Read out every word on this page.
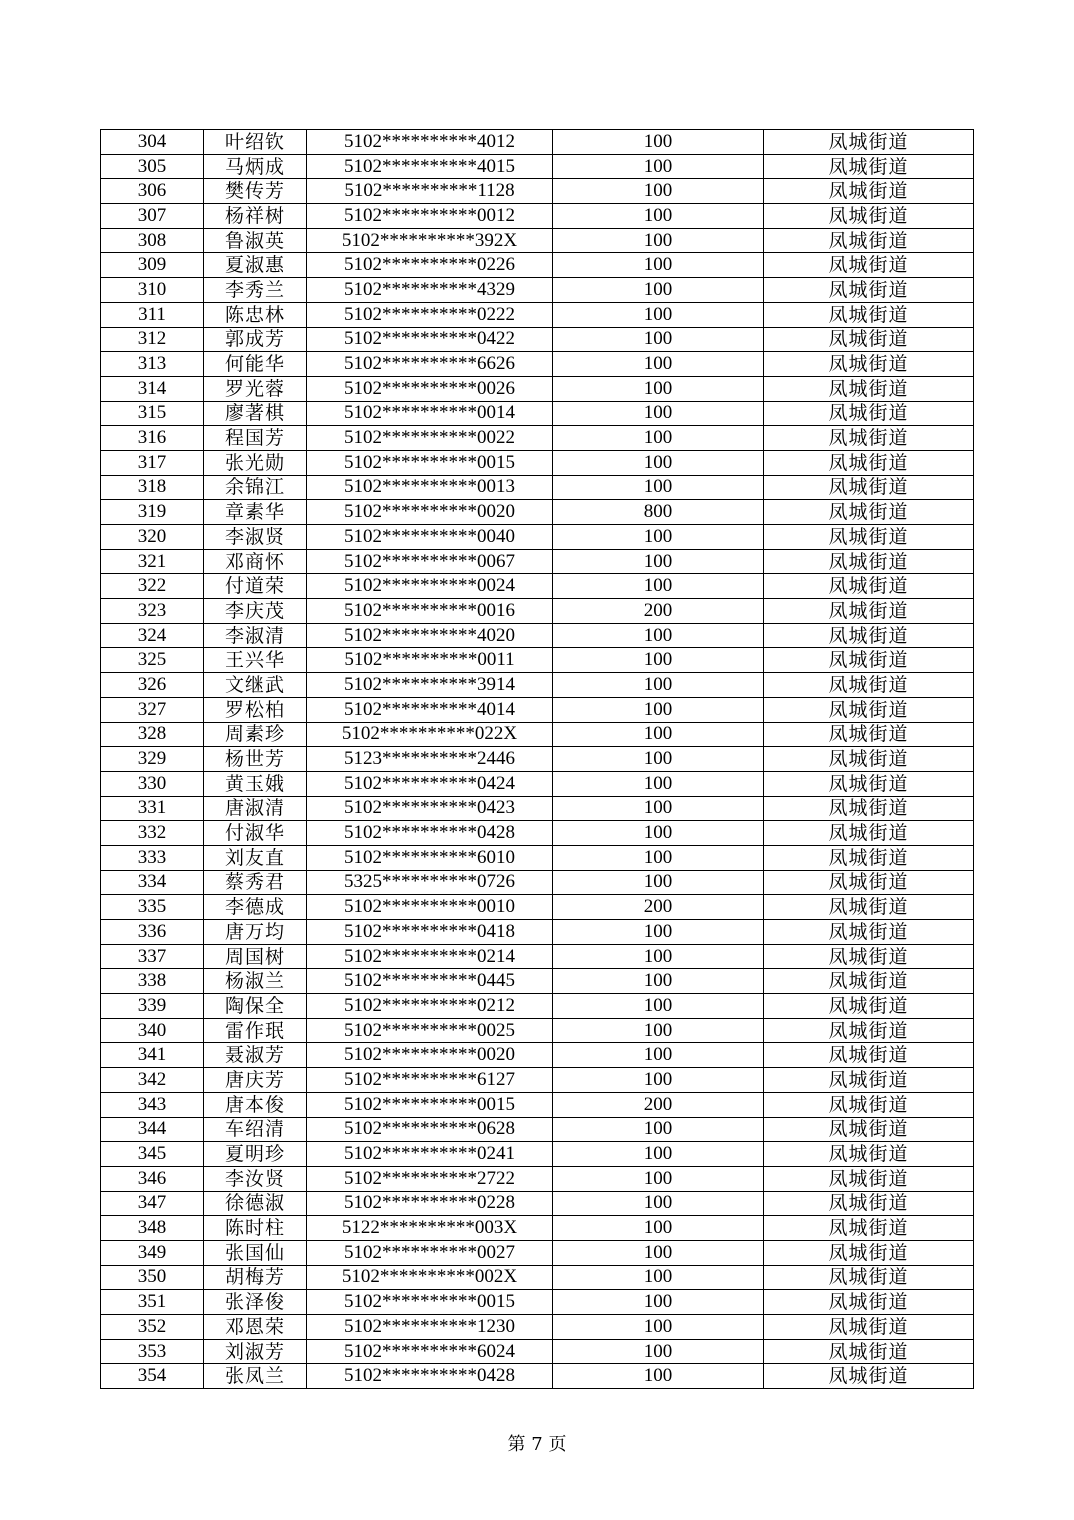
304	叶绍钦	5102**********4012	100	凤城街道
305	马炳成	5102**********4015	100	凤城街道
306	樊传芳	5102**********1128	100	凤城街道
307	杨祥树	5102**********0012	100	凤城街道
308	鲁淑英	5102**********392X	100	凤城街道
309	夏淑惠	5102**********0226	100	凤城街道
310	李秀兰	5102**********4329	100	凤城街道
311	陈忠林	5102**********0222	100	凤城街道
312	郭成芳	5102**********0422	100	凤城街道
313	何能华	5102**********6626	100	凤城街道
314	罗光蓉	5102**********0026	100	凤城街道
315	廖著棋	5102**********0014	100	凤城街道
316	程国芳	5102**********0022	100	凤城街道
317	张光勋	5102**********0015	100	凤城街道
318	余锦江	5102**********0013	100	凤城街道
319	章素华	5102**********0020	800	凤城街道
320	李淑贤	5102**********0040	100	凤城街道
321	邓商怀	5102**********0067	100	凤城街道
322	付道荣	5102**********0024	100	凤城街道
323	李庆茂	5102**********0016	200	凤城街道
324	李淑清	5102**********4020	100	凤城街道
325	王兴华	5102**********0011	100	凤城街道
326	文继武	5102**********3914	100	凤城街道
327	罗松柏	5102**********4014	100	凤城街道
328	周素珍	5102**********022X	100	凤城街道
329	杨世芳	5123**********2446	100	凤城街道
330	黄玉娥	5102**********0424	100	凤城街道
331	唐淑清	5102**********0423	100	凤城街道
332	付淑华	5102**********0428	100	凤城街道
333	刘友直	5102**********6010	100	凤城街道
334	蔡秀君	5325**********0726	100	凤城街道
335	李德成	5102**********0010	200	凤城街道
336	唐万均	5102**********0418	100	凤城街道
337	周国树	5102**********0214	100	凤城街道
338	杨淑兰	5102**********0445	100	凤城街道
339	陶保全	5102**********0212	100	凤城街道
340	雷作珉	5102**********0025	100	凤城街道
341	聂淑芳	5102**********0020	100	凤城街道
342	唐庆芳	5102**********6127	100	凤城街道
343	唐本俊	5102**********0015	200	凤城街道
344	车绍清	5102**********0628	100	凤城街道
345	夏明珍	5102**********0241	100	凤城街道
346	李汝贤	5102**********2722	100	凤城街道
347	徐德淑	5102**********0228	100	凤城街道
348	陈时柱	5122**********003X	100	凤城街道
349	张国仙	5102**********0027	100	凤城街道
350	胡梅芳	5102**********002X	100	凤城街道
351	张泽俊	5102**********0015	100	凤城街道
352	邓恩荣	5102**********1230	100	凤城街道
353	刘淑芳	5102**********6024	100	凤城街道
354	张凤兰	5102**********0428	100	凤城街道
第 7 页
